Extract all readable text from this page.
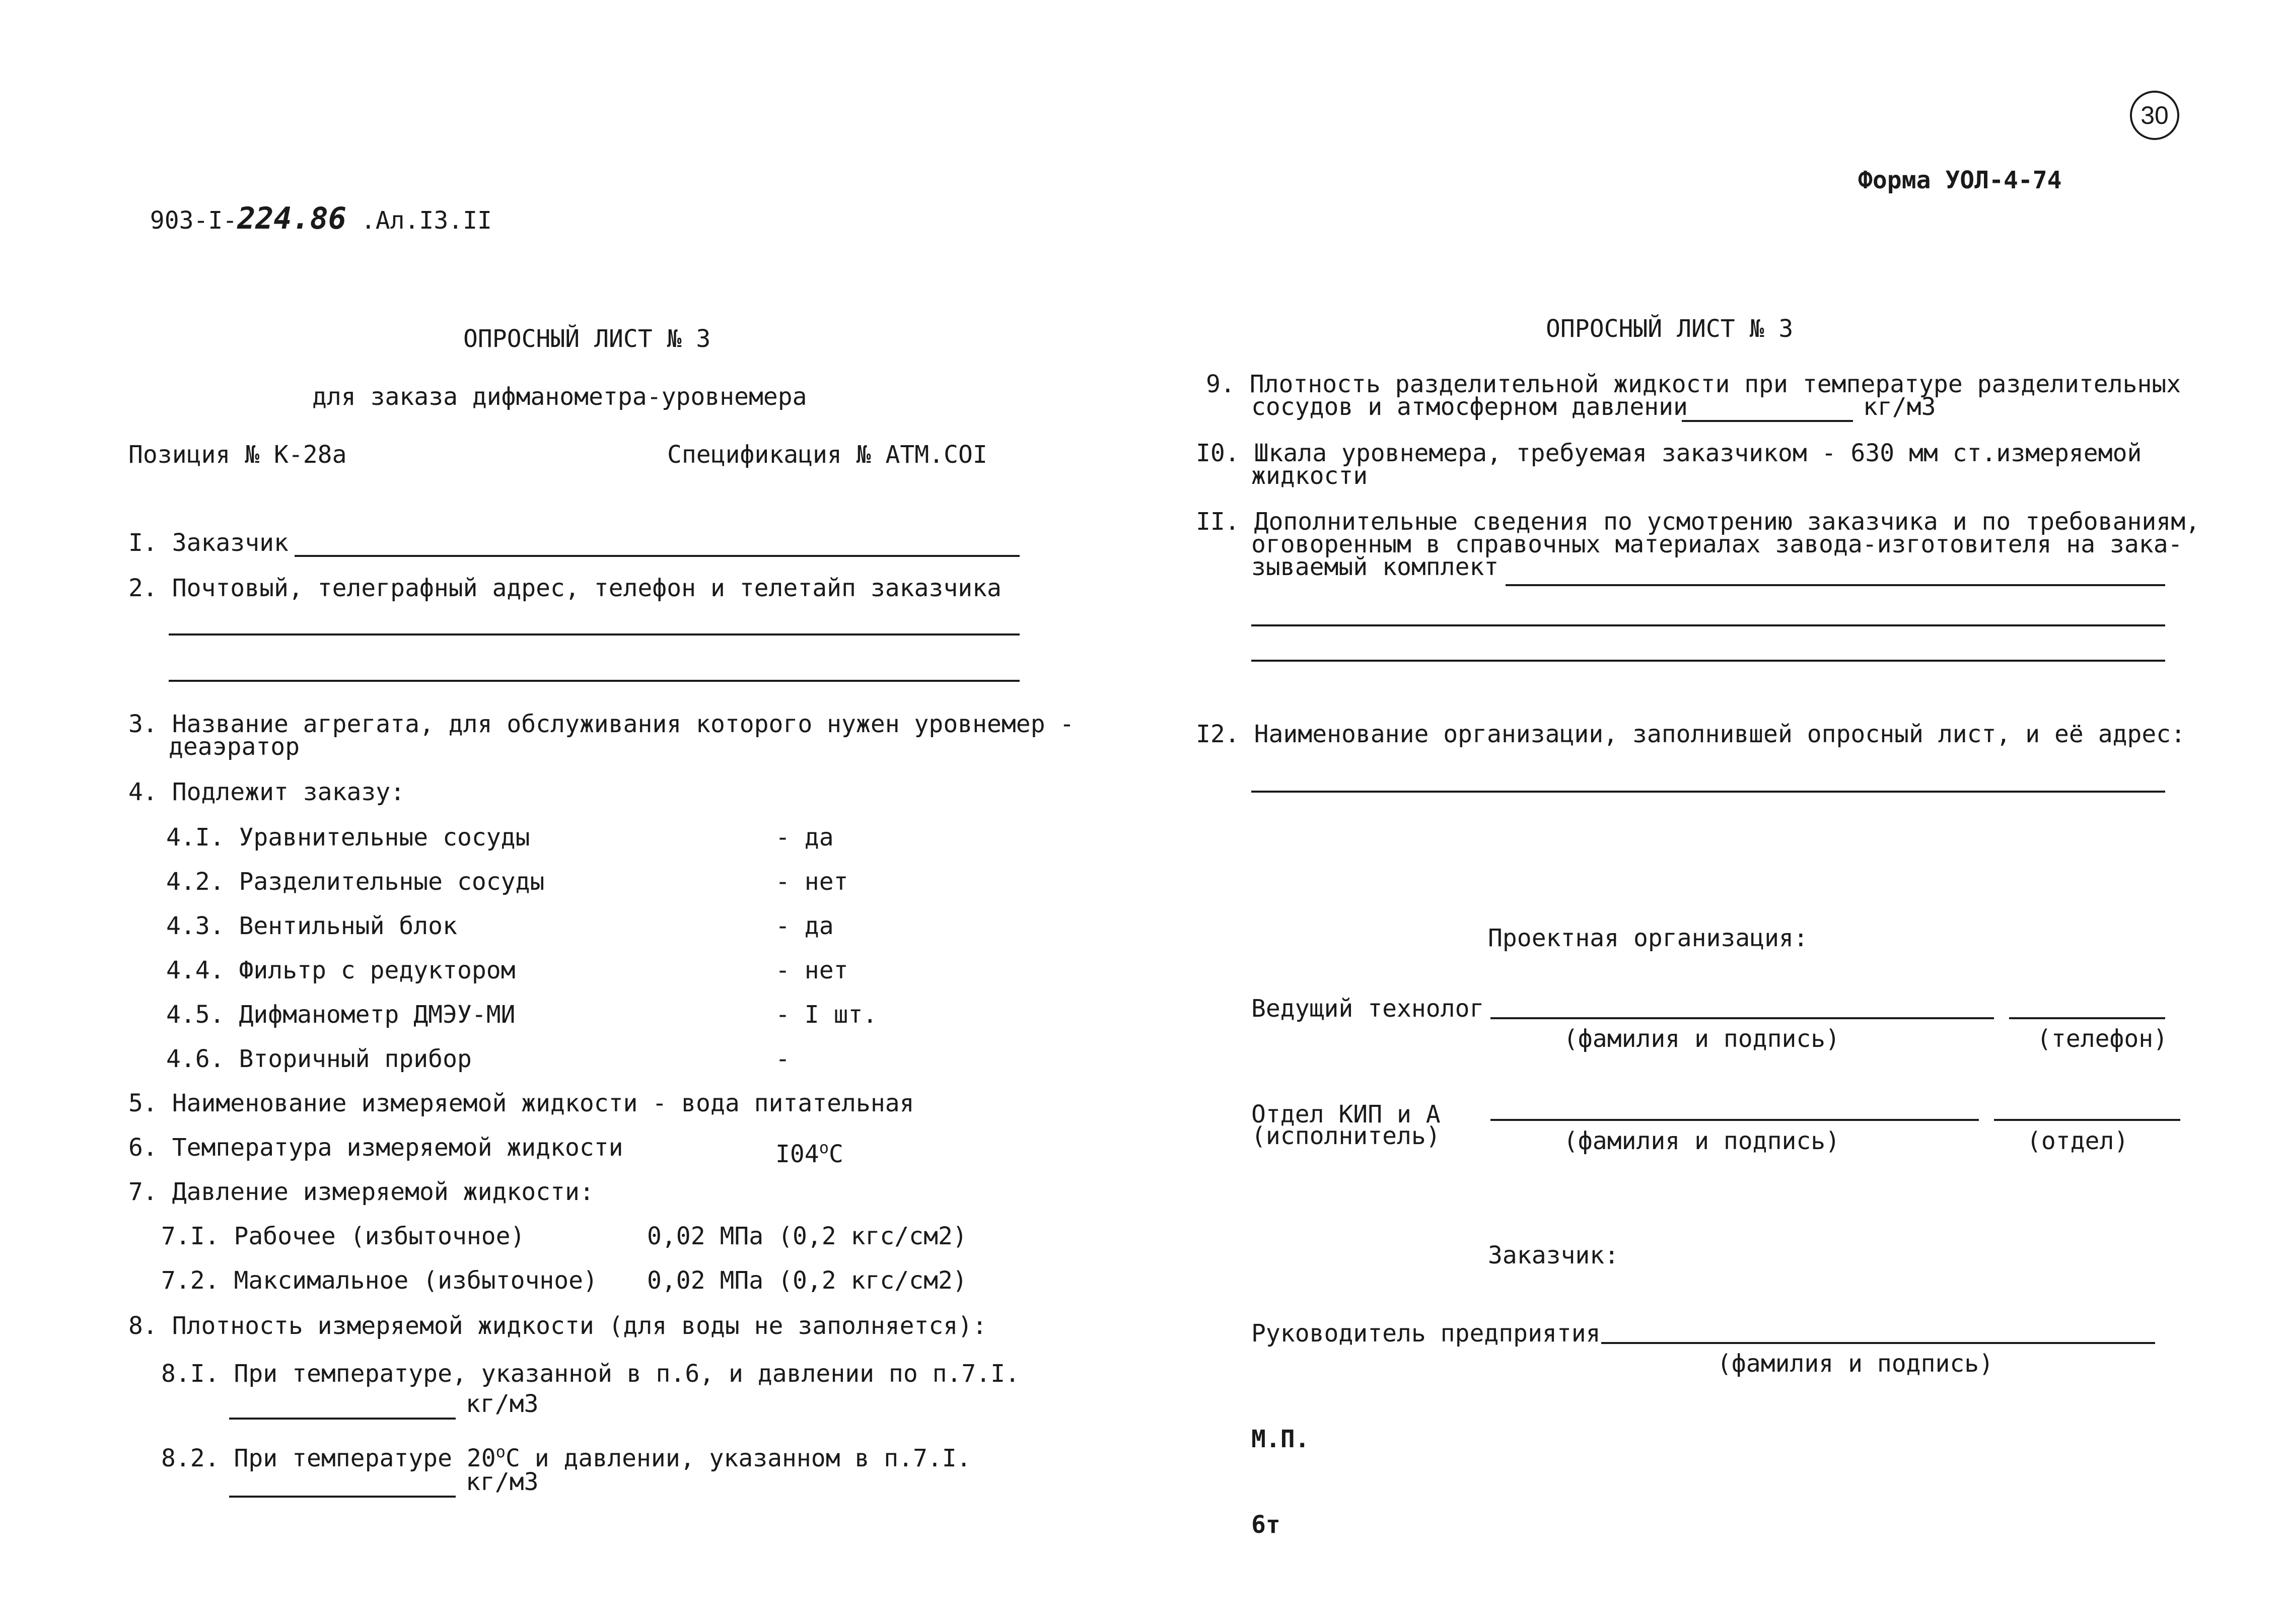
903-I-224.86 .Ал.I3.II

Форма УОЛ-4-74
30
ОПРОСНЫЙ ЛИСТ № 3
для заказа дифманометра-уровнемера
Позиция № К-28а	Спецификация № АТМ.СОI
I. Заказчик
2. Почтовый, телеграфный адрес, телефон и телетайп заказчика
3. Название агрегата, для обслуживания которого нужен уровнемер -
деаэратор
4. Подлежит заказу:
4.I. Уравнительные сосуды	- да
4.2. Разделительные сосуды	- нет
4.3. Вентильный блок	- да
4.4. Фильтр с редуктором	- нет
4.5. Дифманометр ДМЭУ-МИ	- I шт.
4.6. Вторичный прибор	-
5. Наименование измеряемой жидкости - вода питательная
6. Температура измеряемой жидкости	$I04^оС$
7. Давление измеряемой жидкости:
7.I. Рабочее (избыточное)	0,02 МПа (0,2 кгс/см2)
7.2. Максимальное (избыточное) 0,02 МПа (0,2 кгс/см2)
8. Плотность измеряемой жидкости (для воды не заполняется):
8.I. При температуре, указанной в п.6, и давлении по п.7.I.
кг/м3
8.2. При температуре $20^оС$ и давлении, указанном в п.7.I.
кг/м3
ОПРОСНЫЙ ЛИСТ № 3
9. Плотность разделительной жидкости при температуре разделительных
сосудов и атмосферном давлении	кг/м3
I0. Шкала уровнемера, требуемая заказчиком - 630 мм ст.измеряемой
жидкости
II. Дополнительные сведения по усмотрению заказчика и по требованиям,
оговоренным в справочных материалах завода-изготовителя на зака-
зываемый комплект
I2. Наименование организации, заполнившей опросный лист, и её адрес:
Проектная организация:
Ведущий технолог
(фамилия и подпись)	(телефон)
Отдел КИП и А
(исполнитель)	(фамилия и подпись)	(отдел)
Заказчик:
Руководитель предприятия
(фамилия и подпись)
М.П.
6т
